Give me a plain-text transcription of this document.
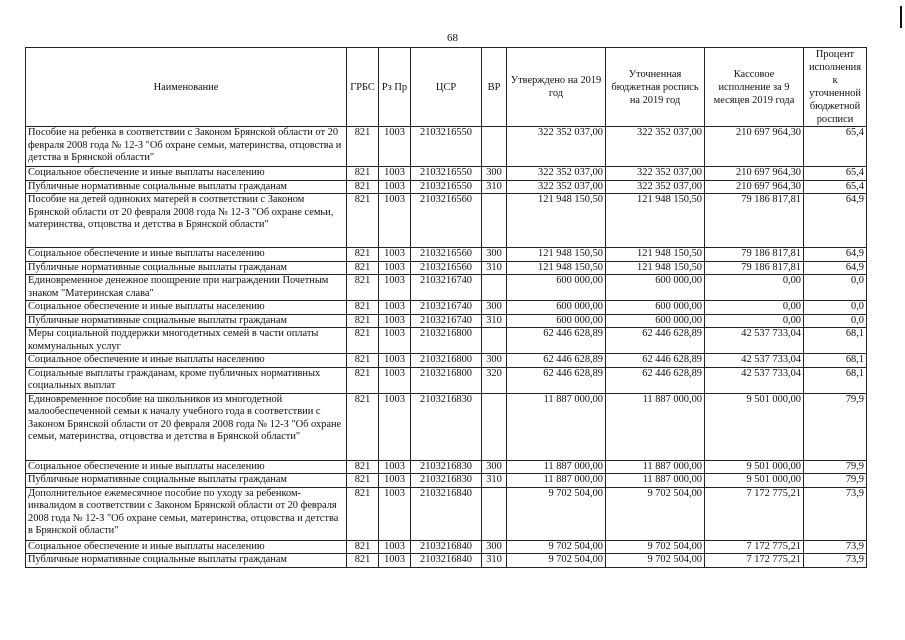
68
Наименование	ГРБС	Рз Пр	ЦСР	ВР	Утверждено на 2019 год	Уточненная бюджетная роспись на 2019 год	Кассовое исполнение за 9 месяцев 2019 года	Процент исполнения к уточненной бюджетной росписи
Пособие на ребенка в соответствии с Законом Брянской области от 20 февраля 2008 года № 12-З "Об охране семьи, материнства, отцовства и детства в Брянской области"	821	1003	2103216550		322 352 037,00	322 352 037,00	210 697 964,30	65,4
Социальное обеспечение и иные выплаты населению	821	1003	2103216550	300	322 352 037,00	322 352 037,00	210 697 964,30	65,4
Публичные нормативные социальные выплаты гражданам	821	1003	2103216550	310	322 352 037,00	322 352 037,00	210 697 964,30	65,4
Пособие на детей одиноких матерей в соответствии с Законом Брянской области от 20 февраля 2008 года № 12-З "Об охране семьи, материнства, отцовства и детства в Брянской области"	821	1003	2103216560		121 948 150,50	121 948 150,50	79 186 817,81	64,9
Социальное обеспечение и иные выплаты населению	821	1003	2103216560	300	121 948 150,50	121 948 150,50	79 186 817,81	64,9
Публичные нормативные социальные выплаты гражданам	821	1003	2103216560	310	121 948 150,50	121 948 150,50	79 186 817,81	64,9
Единовременное денежное поощрение при награждении Почетным знаком "Материнская слава"	821	1003	2103216740		600 000,00	600 000,00	0,00	0,0
Социальное обеспечение и иные выплаты населению	821	1003	2103216740	300	600 000,00	600 000,00	0,00	0,0
Публичные нормативные социальные выплаты гражданам	821	1003	2103216740	310	600 000,00	600 000,00	0,00	0,0
Меры социальной поддержки многодетных семей в части оплаты коммунальных услуг	821	1003	2103216800		62 446 628,89	62 446 628,89	42 537 733,04	68,1
Социальное обеспечение и иные выплаты населению	821	1003	2103216800	300	62 446 628,89	62 446 628,89	42 537 733,04	68,1
Социальные выплаты гражданам, кроме публичных нормативных социальных выплат	821	1003	2103216800	320	62 446 628,89	62 446 628,89	42 537 733,04	68,1
Единовременное пособие на школьников из многодетной малообеспеченной семьи к началу учебного года в соответствии с Законом Брянской области от 20 февраля 2008 года № 12-З "Об охране семьи, материнства, отцовства и детства в Брянской области"	821	1003	2103216830		11 887 000,00	11 887 000,00	9 501 000,00	79,9
Социальное обеспечение и иные выплаты населению	821	1003	2103216830	300	11 887 000,00	11 887 000,00	9 501 000,00	79,9
Публичные нормативные социальные выплаты гражданам	821	1003	2103216830	310	11 887 000,00	11 887 000,00	9 501 000,00	79,9
Дополнительное ежемесячное пособие по уходу за ребенком-инвалидом в соответствии с Законом Брянской области от 20 февраля 2008 года № 12-З "Об охране семьи, материнства, отцовства и детства в Брянской области"	821	1003	2103216840		9 702 504,00	9 702 504,00	7 172 775,21	73,9
Социальное обеспечение и иные выплаты населению	821	1003	2103216840	300	9 702 504,00	9 702 504,00	7 172 775,21	73,9
Публичные нормативные социальные выплаты гражданам	821	1003	2103216840	310	9 702 504,00	9 702 504,00	7 172 775,21	73,9
